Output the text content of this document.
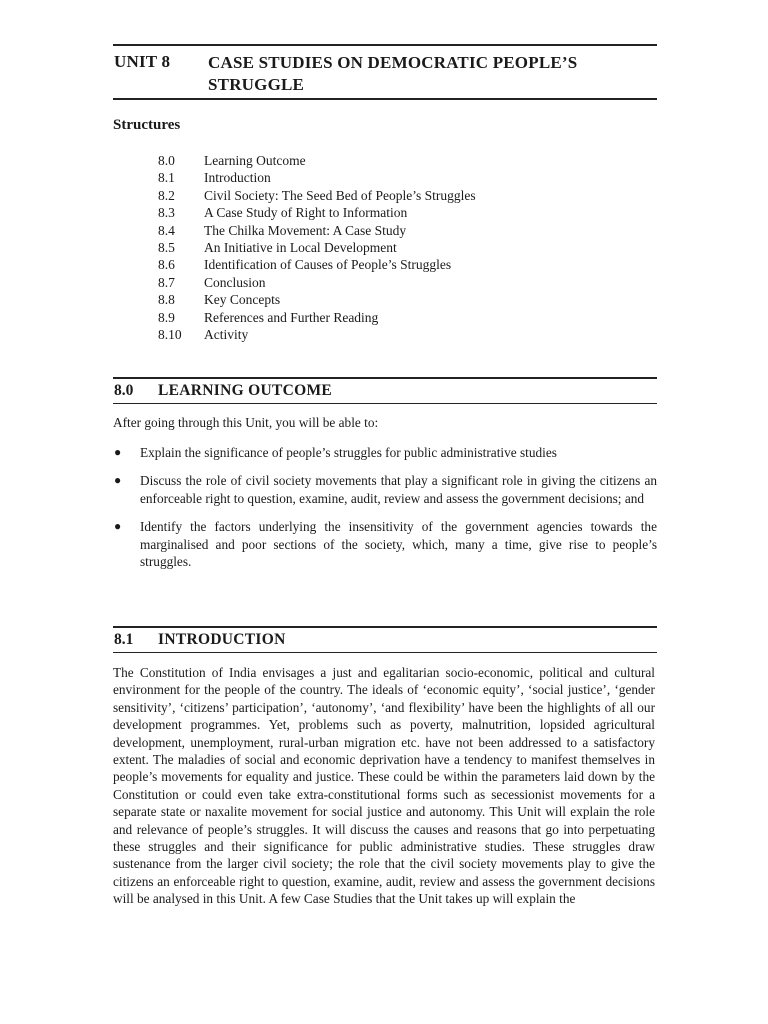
UNIT 8 CASE STUDIES ON DEMOCRATIC PEOPLE’S STRUGGLE
Structures
8.0 Learning Outcome
8.1 Introduction
8.2 Civil Society: The Seed Bed of People’s Struggles
8.3 A Case Study of Right to Information
8.4 The Chilka Movement: A Case Study
8.5 An Initiative in Local Development
8.6 Identification of Causes of People’s Struggles
8.7 Conclusion
8.8 Key Concepts
8.9 References and Further Reading
8.10 Activity
8.0 LEARNING OUTCOME

After going through this Unit, you will be able to:

● Explain the significance of people’s struggles for public administrative studies
● Discuss the role of civil society movements that play a significant role in giving the citizens an enforceable right to question, examine, audit, review and assess the government decisions; and
● Identify the factors underlying the insensitivity of the government agencies towards the marginalised and poor sections of the society, which, many a time, give rise to people’s struggles.
8.1 INTRODUCTION

The Constitution of India envisages a just and egalitarian socio-economic, political and cultural environment for the people of the country. The ideals of ‘economic equity’, ‘social justice’, ‘gender sensitivity’, ‘citizens’ participation’, ‘autonomy’, ‘and flexibility’ have been the highlights of all our development programmes. Yet, problems such as poverty, malnutrition, lopsided agricultural development, unemployment, rural-urban migration etc. have not been addressed to a satisfactory extent. The maladies of social and economic deprivation have a tendency to manifest themselves in people’s movements for equality and justice. These could be within the parameters laid down by the Constitution or could even take extra-constitutional forms such as secessionist movements for a separate state or naxalite movement for social justice and autonomy. This Unit will explain the role and relevance of people’s struggles. It will discuss the causes and reasons that go into perpetuating these struggles and their significance for public administrative studies. These struggles draw sustenance from the larger civil society; the role that the civil society movements play to give the citizens an enforceable right to question, examine, audit, review and assess the government decisions will be analysed in this Unit. A few Case Studies that the Unit takes up will explain the
